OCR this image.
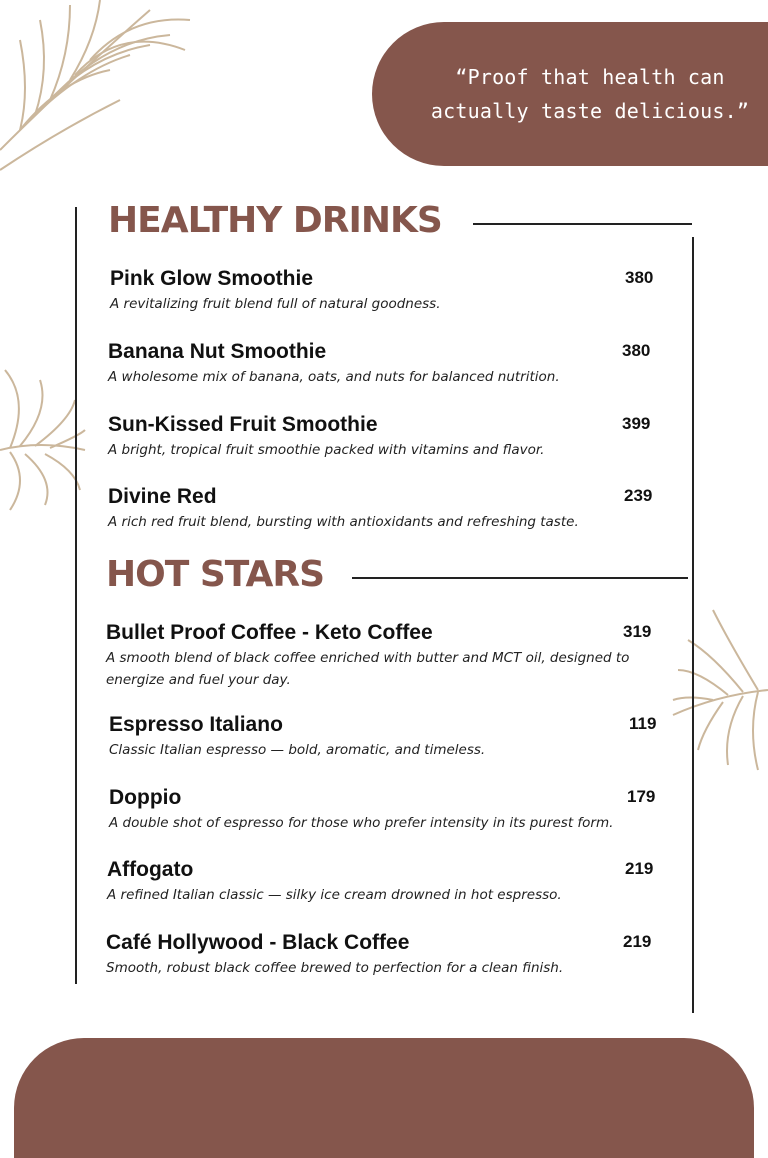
“Proof that health can actually taste delicious.”
HEALTHY DRINKS
Pink Glow Smoothie	380
A revitalizing fruit blend full of natural goodness.
Banana Nut Smoothie	380
A wholesome mix of banana, oats, and nuts for balanced nutrition.
Sun-Kissed Fruit Smoothie	399
A bright, tropical fruit smoothie packed with vitamins and flavor.
Divine Red	239
A rich red fruit blend, bursting with antioxidants and refreshing taste.
HOT STARS
Bullet Proof Coffee - Keto Coffee	319
A smooth blend of black coffee enriched with butter and MCT oil, designed to energize and fuel your day.
Espresso Italiano	119
Classic Italian espresso — bold, aromatic, and timeless.
Doppio	179
A double shot of espresso for those who prefer intensity in its purest form.
Affogato	219
A refined Italian classic — silky ice cream drowned in hot espresso.
Café Hollywood - Black Coffee	219
Smooth, robust black coffee brewed to perfection for a clean finish.
